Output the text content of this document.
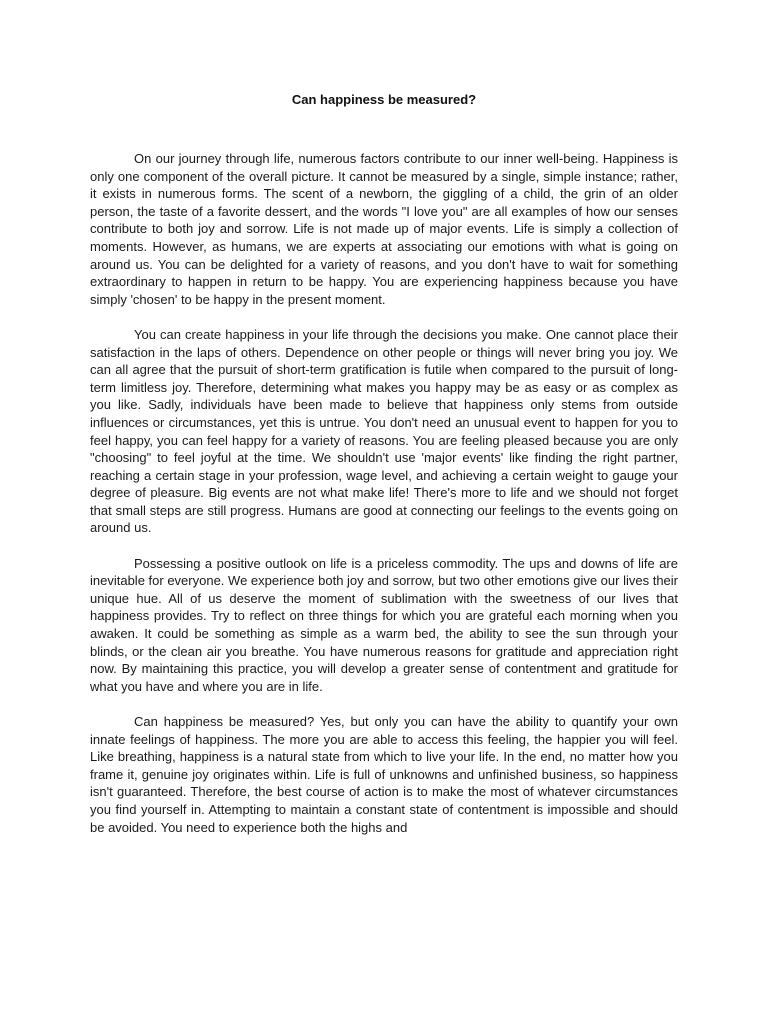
Can happiness be measured?

On our journey through life, numerous factors contribute to our inner well-being. Happiness is only one component of the overall picture. It cannot be measured by a single, simple instance; rather, it exists in numerous forms. The scent of a newborn, the giggling of a child, the grin of an older person, the taste of a favorite dessert, and the words "I love you" are all examples of how our senses contribute to both joy and sorrow. Life is not made up of major events. Life is simply a collection of moments. However, as humans, we are experts at associating our emotions with what is going on around us. You can be delighted for a variety of reasons, and you don't have to wait for something extraordinary to happen in return to be happy. You are experiencing happiness because you have simply 'chosen' to be happy in the present moment.

You can create happiness in your life through the decisions you make. One cannot place their satisfaction in the laps of others. Dependence on other people or things will never bring you joy. We can all agree that the pursuit of short-term gratification is futile when compared to the pursuit of long-term limitless joy. Therefore, determining what makes you happy may be as easy or as complex as you like. Sadly, individuals have been made to believe that happiness only stems from outside influences or circumstances, yet this is untrue. You don't need an unusual event to happen for you to feel happy, you can feel happy for a variety of reasons. You are feeling pleased because you are only "choosing" to feel joyful at the time. We shouldn't use 'major events' like finding the right partner, reaching a certain stage in your profession, wage level, and achieving a certain weight to gauge your degree of pleasure. Big events are not what make life! There's more to life and we should not forget that small steps are still progress. Humans are good at connecting our feelings to the events going on around us.

Possessing a positive outlook on life is a priceless commodity. The ups and downs of life are inevitable for everyone. We experience both joy and sorrow, but two other emotions give our lives their unique hue. All of us deserve the moment of sublimation with the sweetness of our lives that happiness provides. Try to reflect on three things for which you are grateful each morning when you awaken. It could be something as simple as a warm bed, the ability to see the sun through your blinds, or the clean air you breathe. You have numerous reasons for gratitude and appreciation right now. By maintaining this practice, you will develop a greater sense of contentment and gratitude for what you have and where you are in life.

Can happiness be measured? Yes, but only you can have the ability to quantify your own innate feelings of happiness. The more you are able to access this feeling, the happier you will feel. Like breathing, happiness is a natural state from which to live your life. In the end, no matter how you frame it, genuine joy originates within. Life is full of unknowns and unfinished business, so happiness isn't guaranteed. Therefore, the best course of action is to make the most of whatever circumstances you find yourself in. Attempting to maintain a constant state of contentment is impossible and should be avoided. You need to experience both the highs and
